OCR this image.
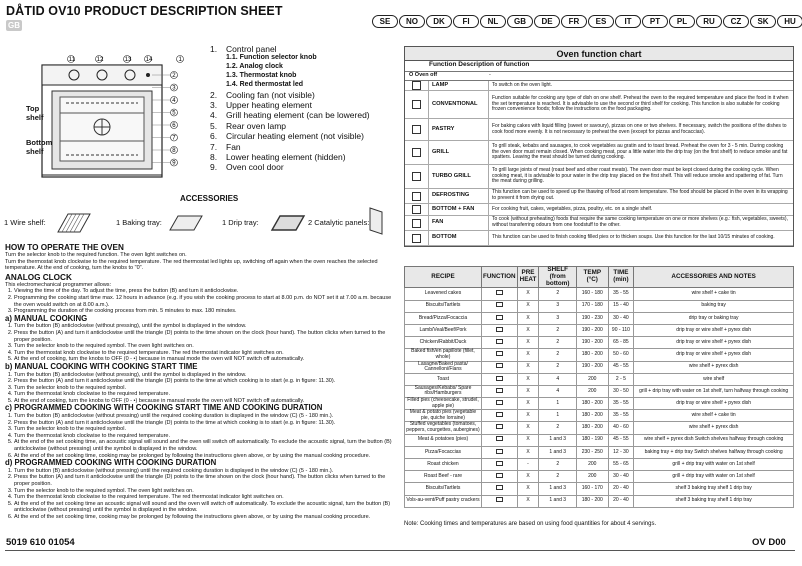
DÅTID OV10 PRODUCT DESCRIPTION SHEET
GB	SE	NO	DK	FI	NL	GB	DE	FR	ES	IT	PT	PL	RU	CZ	SK	HU
11	12	13 14	1
2
3
4
5
6
7
8
9
Top shelf
Bottom shelf
1.	Control panel
1.1. Function selector knob
1.2. Analog clock
1.3. Thermostat knob
1.4. Red thermostat led
2.	Cooling fan (not visible)
3.	Upper heating element
4.	Grill heating element (can be lowered)
5.	Rear oven lamp
6.	Circular heating element (not visible)
7.	Fan
8.	Lower heating element (hidden)
9.	Oven cool door
ACCESSORIES
1 Wire shelf:	1 Baking tray:	1 Drip tray:	2 Catalytic panels:
HOW TO OPERATE THE OVEN
Turn the selector knob to the required function. The oven light switches on.
Turn the thermostat knob clockwise to the required temperature. The red thermostat led lights up, switching off again when the oven reaches the selected temperature. At the end of cooking, turn the knobs to "0".
ANALOG CLOCK
This electromechanical programmer allows:
1. Viewing the time of the day. To adjust the time, press the button (B) and turn it anticlockwise.
2. Programming the cooking start time max. 12 hours in advance (e.g. if you wish the cooking process to start at 8.00 p.m. do NOT set it at 7.00 a.m. because the oven would switch on at 8.00 a.m.).
3. Programming the duration of the cooking process from min. 5 minutes to max. 180 minutes.
a) MANUAL COOKING
1. Turn the button (B) anticlockwise (without pressing), until the symbol is displayed in the window.
2. Press the button (A) and turn it anticlockwise until the triangle (D) points to the time shown on the clock (hour hand). The button clicks when turned to the proper position.
3. Turn the selector knob to the required symbol. The oven light switches on.
4. Turn the thermostat knob clockwise to the required temperature. The red thermostat indicator light switches on.
5. At the end of cooking, turn the knobs to OFF (0 - •) because in manual mode the oven will NOT switch off automatically.
b) MANUAL COOKING WITH COOKING START TIME
1. Turn the button (B) anticlockwise (without pressing), until the symbol is displayed in the window.
2. Press the button (A) and turn it anticlockwise until the triangle (D) points to the time at which cooking is to start (e.g. in figure: 11.30).
3. Turn the selector knob to the required symbol.
4. Turn the thermostat knob clockwise to the required temperature.
5. At the end of cooking, turn the knobs to OFF (0 - •) because in manual mode the oven will NOT switch off automatically.
c) PROGRAMMED COOKING WITH COOKING START TIME AND COOKING DURATION
1. Turn the button (B) anticlockwise (without pressing) until the required cooking duration is displayed in the window (C) (5 - 180 min.).
2. Press the button (A) and turn it anticlockwise until the triangle (D) points to the time at which cooking is to start (e.g. in figure: 11.30).
3. Turn the selector knob to the required symbol.
4. Turn the thermostat knob clockwise to the required temperature.
5. At the end of the set cooking time, an acoustic signal will sound and the oven will switch off automatically. To exclude the acoustic signal, turn the button (B) anticlockwise (without pressing) until the symbol is displayed in the window.
6. At the end of the set cooking time, cooking may be prolonged by following the instructions given above, or by using the manual cooking procedure.
d) PROGRAMMED COOKING WITH COOKING DURATION
1. Turn the button (B) anticlockwise (without pressing) until the required cooking duration is displayed in the window (C) (5 - 180 min.).
2. Press the button (A) and turn it anticlockwise until the triangle (D) points to the time shown on the clock (hour hand). The button clicks when turned to the proper position.
3. Turn the selector knob to the required symbol. The oven light switches on.
4. Turn the thermostat knob clockwise to the required temperature. The red thermostat indicator light switches on.
5. At the end of the set cooking time an acoustic signal will sound and the oven will switch off automatically. To exclude the acoustic signal, turn the button (B) anticlockwise (without pressing) until the symbol is displayed in the window.
6. At the end of the set cooking time, cooking may be prolonged by following the instructions given above, or by using the manual cooking procedure.
Oven function chart
Function Description of function
O Oven off	-
LAMP	To switch on the oven light.
CONVENTIONAL
Function suitable for cooking any type of dish on one shelf. Preheat the oven to the required temperature and place the food in it when the set temperature is reached. It is advisable to use the second or third shelf for cooking. This function is also suitable for cooking frozen convenience foods; follow the instructions on the food packaging.
PASTRY	For baking cakes with liquid filling (sweet or savoury), pizzas on one or two shelves. If necessary, switch the positions of the dishes to cook food more evenly. It is not necessary to preheat the oven (except for pizzas and focaccias).
GRILL
To grill steak, kebabs and sausages, to cook vegetables au gratin and to toast bread. Preheat the oven for 3 - 5 min. During cooking the oven door must remain closed. When cooking meat, pour a little water into the drip tray (on the first shelf) to reduce smoke and fat spatters. Leaving the meat should be turned during cooking.
TURBO GRILL
To grill large joints of meat (roast beef and other roast meats). The oven door must be kept closed during the cooking cycle. When cooking meat, it is advisable to pour water in the drip tray placed on the first shelf. This will reduce smoke and spattering of fat. Turn the meat during grilling.
DEFROSTING	This function can be used to speed up the thawing of food at room temperature. The food should be placed in the oven in its wrapping to prevent it from drying out.
BOTTOM + FAN	For cooking fruit, cakes, vegetables, pizza, poultry, etc. on a single shelf.
FAN	To cook (without preheating) foods that require the same cooking temperature on one or more shelves (e.g.: fish, vegetables, sweets), without transferring odours from one foodstuff to the other.
BOTTOM	This function can be used to finish cooking filled pies or to thicken soups. Use this function for the last 10/15 minutes of cooking.
RECIPE	FUNCTION	PRE HEAT	SHELF (from bottom)	TEMP (°C)	TIME (min)	ACCESSORIES AND NOTES
Leavened cakes		X	2	160 - 180	35 - 55	wire shelf + cake tin
Biscuits/Tartlets		X	3	170 - 180	15 - 40	baking tray
Bread/Pizza/Focaccia		X	3	190 - 230	30 - 40	drip tray or baking tray
Lamb/Veal/Beef/Pork		X	2	190 - 200	90 - 110	drip tray or wire shelf + pyrex dish
Chicken/Rabbit/Duck		X	2	190 - 200	65 - 85	drip tray or wire shelf + pyrex dish
Baked fish/en papillote (fillet, whole)		X	2	180 - 200	50 - 60	drip tray or wire shelf + pyrex dish
Lasagne/Baked pasta/ Cannelloni/Flans		X	2	190 - 200	45 - 55	wire shelf + pyrex dish
Toast		X	4	200	2 - 5	wire shelf
Sausages/Kebabs/ Spare ribs/Hamburgers		X	4	200	30 - 50	grill + drip tray with water on 1st shelf, turn halfway through cooking
Filled pies (cheesecake, strudel, apple pie)		X	1	180 - 200	35 - 55	drip tray or wire shelf + pyrex dish
Meat & potato pies (vegetable pie, quiche lorraine)		X	1	180 - 200	35 - 55	wire shelf + cake tin
Stuffed vegetables (tomatoes, peppers, courgettes, aubergines)		X	2	180 - 200	40 - 60	wire shelf + pyrex dish
Meat & potatoes (pies)		X	1 and 3	180 - 190	45 - 55	wire shelf + pyrex dish Switch shelves halfway through cooking
Pizza/Focaccias		X	1 and 3	230 - 250	12 - 30	baking tray + drip tray Switch shelves halfway through cooking
Roast chicken		-	2	200	55 - 65	grill + drip tray with water on 1st shelf
Roast Beef - rare		X	2	200	30 - 40	grill + drip tray with water on 1st shelf
Biscuits/Tartlets		X	1 and 3	160 - 170	20 - 40	shelf 3 baking tray shelf 1 drip tray
Vols-au-vent/Puff pastry crackers		X	1 and 3	180 - 200	20 - 40	shelf 3 baking tray shelf 1 drip tray
Note: Cooking times and temperatures are based on using food quantities for about 4 servings.
5019 610 01054	OV D00
